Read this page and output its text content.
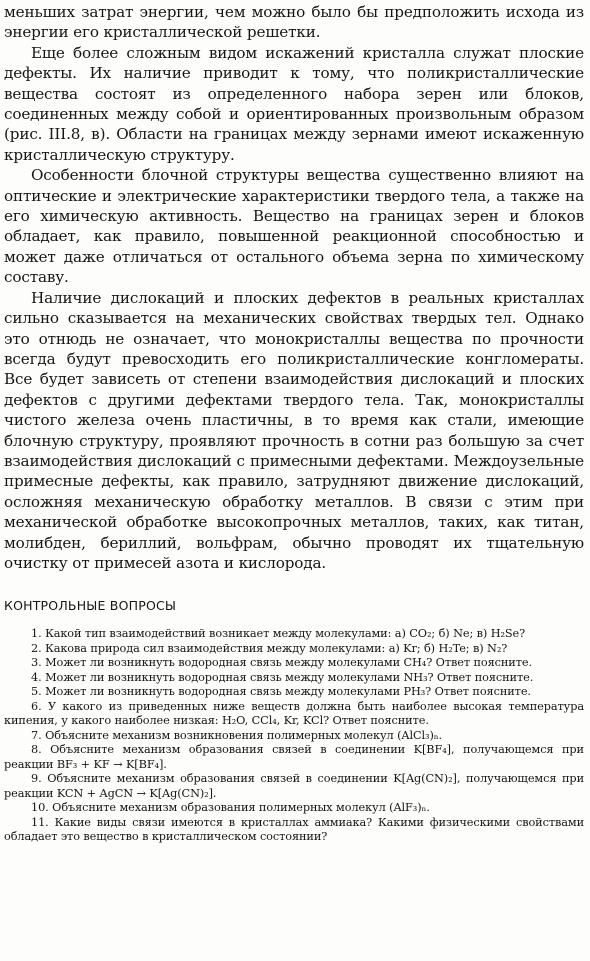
меньших затрат энергии, чем можно было бы предположить исхода из энергии его кристаллической решетки.

Еще более сложным видом искажений кристалла служат плоские дефекты. Их наличие приводит к тому, что поликристаллические вещества состоят из определенного набора зерен или блоков, соединенных между собой и ориентированных произвольным образом (рис. III.8, в). Области на границах между зернами имеют искаженную кристаллическую структуру.

Особенности блочной структуры вещества существенно влияют на оптические и электрические характеристики твердого тела, а также на его химическую активность. Вещество на границах зерен и блоков обладает, как правило, повышенной реакционной способностью и может даже отличаться от остального объема зерна по химическому составу.

Наличие дислокаций и плоских дефектов в реальных кристаллах сильно сказывается на механических свойствах твердых тел. Однако это отнюдь не означает, что монокристаллы вещества по прочности всегда будут превосходить его поликристаллические конгломераты. Все будет зависеть от степени взаимодействия дислокаций и плоских дефектов с другими дефектами твердого тела. Так, монокристаллы чистого железа очень пластичны, в то время как стали, имеющие блочную структуру, проявляют прочность в сотни раз большую за счет взаимодействия дислокаций с примесными дефектами. Междоузельные примесные дефекты, как правило, затрудняют движение дислокаций, осложняя механическую обработку металлов. В связи с этим при механической обработке высокопрочных металлов, таких, как титан, молибден, бериллий, вольфрам, обычно проводят их тщательную очистку от примесей азота и кислорода.

КОНТРОЛЬНЫЕ ВОПРОСЫ

1. Какой тип взаимодействий возникает между молекулами: а) CO₂; б) Ne; в) H₂Se?

2. Какова природа сил взаимодействия между молекулами: а) Kr; б) H₂Te; в) N₂?

3. Может ли возникнуть водородная связь между молекулами CH₄? Ответ поясните.

4. Может ли возникнуть водородная связь между молекулами NH₃? Ответ поясните.

5. Может ли возникнуть водородная связь между молекулами PH₃? Ответ поясните.

6. У какого из приведенных ниже веществ должна быть наиболее высокая температура кипения, у какого наиболее низкая: H₂O, CCl₄, Kr, KCl? Ответ поясните.

7. Объясните механизм возникновения полимерных молекул (AlCl₃)ₙ.

8. Объясните механизм образования связей в соединении K[BF₄], получающемся при реакции BF₃ + KF → K[BF₄].

9. Объясните механизм образования связей в соединении K[Ag(CN)₂], получающемся при реакции KCN + AgCN → K[Ag(CN)₂].

10. Объясните механизм образования полимерных молекул (AlF₃)ₙ.

11. Какие виды связи имеются в кристаллах аммиака? Какими физическими свойствами обладает это вещество в кристаллическом состоянии?
